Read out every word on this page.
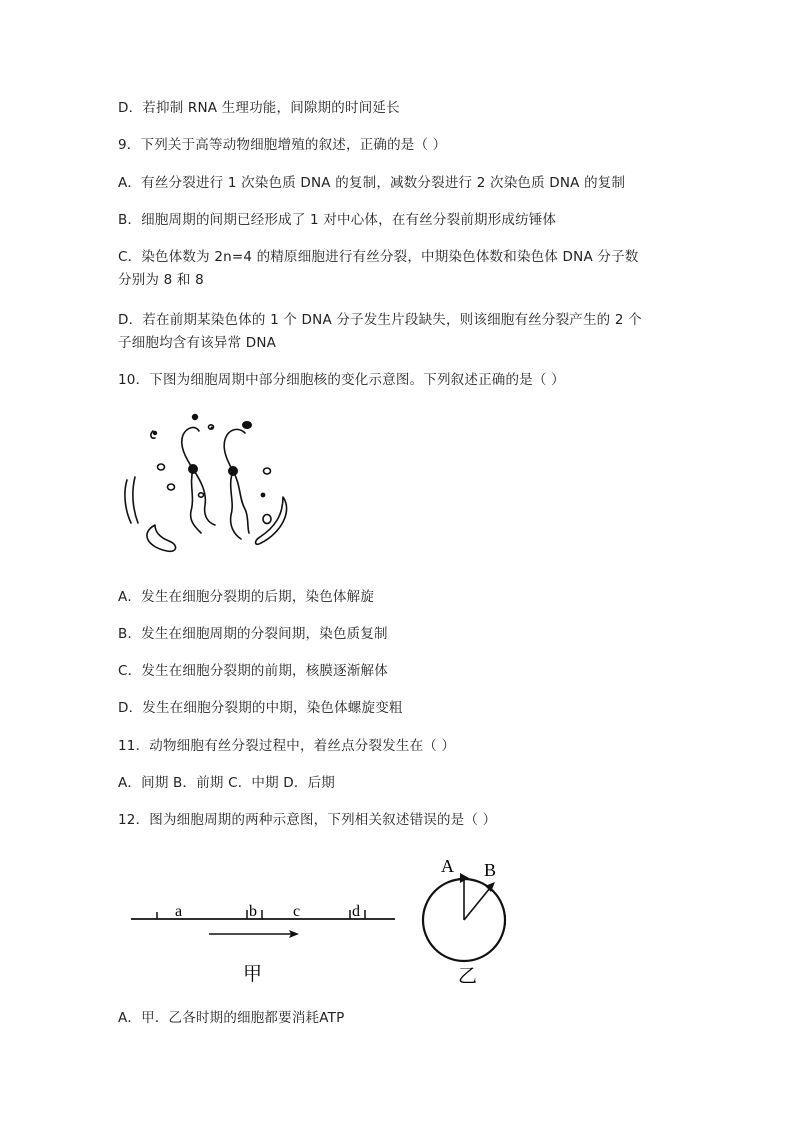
D．若抑制 RNA 生理功能，间隙期的时间延长
9．下列关于高等动物细胞增殖的叙述，正确的是（ ）
A．有丝分裂进行 1 次染色质 DNA 的复制，减数分裂进行 2 次染色质 DNA 的复制
B．细胞周期的间期已经形成了 1 对中心体，在有丝分裂前期形成纺锤体
C．染色体数为 2n=4 的精原细胞进行有丝分裂，中期染色体数和染色体 DNA 分子数
分别为 8 和 8
D．若在前期某染色体的 1 个 DNA 分子发生片段缺失，则该细胞有丝分裂产生的 2 个
子细胞均含有该异常 DNA
10．下图为细胞周期中部分细胞核的变化示意图。下列叙述正确的是（ ）
A．发生在细胞分裂期的后期，染色体解旋
B．发生在细胞周期的分裂间期，染色质复制
C．发生在细胞分裂期的前期，核膜逐渐解体
D．发生在细胞分裂期的中期，染色体螺旋变粗
11．动物细胞有丝分裂过程中，着丝点分裂发生在（ ）
A．间期 B．前期 C．中期 D．后期
12．图为细胞周期的两种示意图，下列相关叙述错误的是（ ）
a	b c	d
甲
A B
乙
A．甲．乙各时期的细胞都要消耗ATP
